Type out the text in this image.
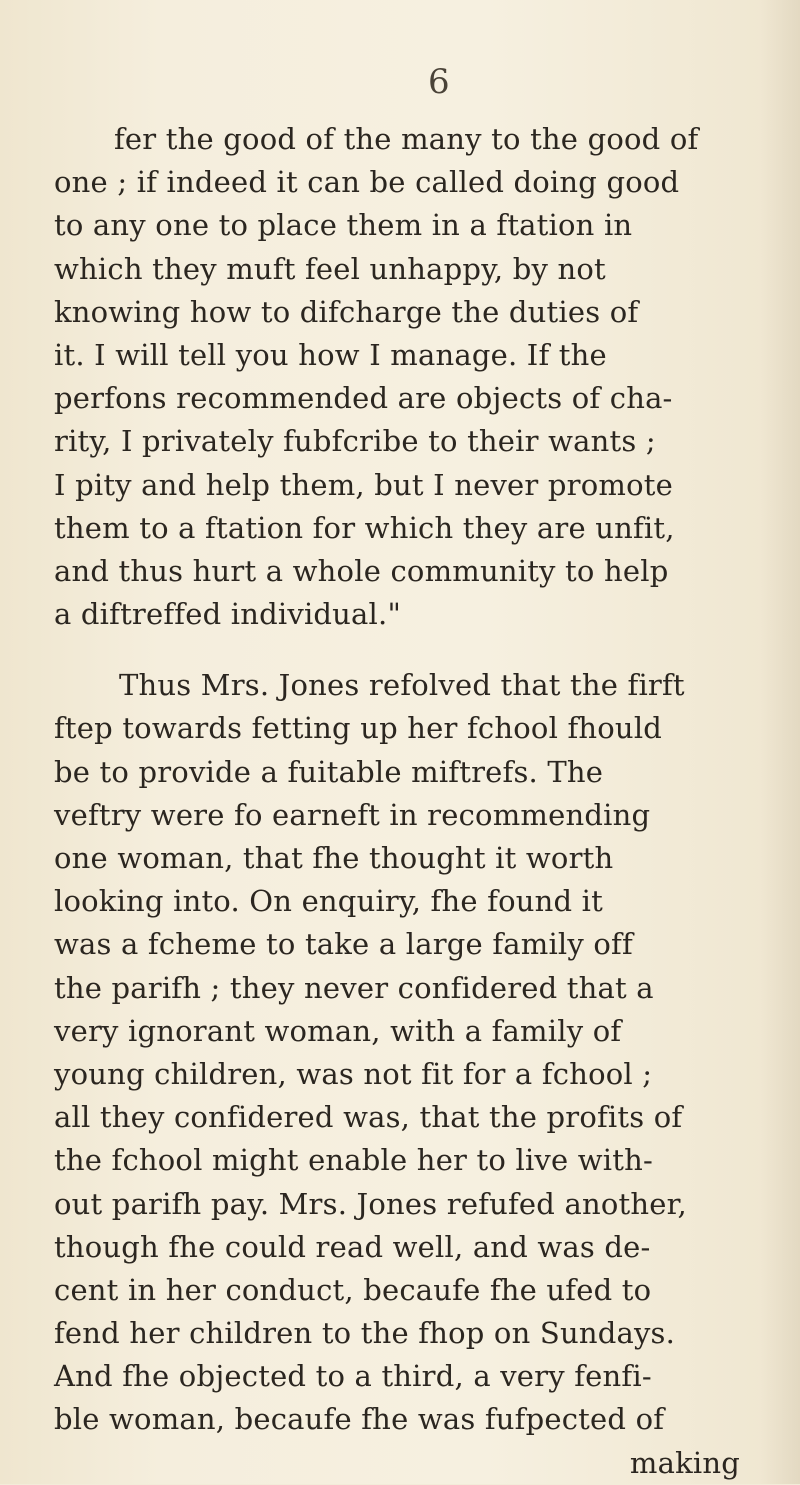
6
fer the good of the many to the good of
one ; if indeed it can be called doing good
to any one to place them in a ftation in
which they muft feel unhappy, by not
knowing how to difcharge the duties of
it. I will tell you how I manage. If the
perfons recommended are objects of cha-
rity, I privately fubfcribe to their wants ;
I pity and help them, but I never promote
them to a ftation for which they are unfit,
and thus hurt a whole community to help
a diftreffed individual."
Thus Mrs. Jones refolved that the firft
ftep towards fetting up her fchool fhould
be to provide a fuitable miftrefs. The
veftry were fo earneft in recommending
one woman, that fhe thought it worth
looking into. On enquiry, fhe found it
was a fcheme to take a large family off
the parifh ; they never confidered that a
very ignorant woman, with a family of
young children, was not fit for a fchool ;
all they confidered was, that the profits of
the fchool might enable her to live with-
out parifh pay. Mrs. Jones refufed another,
though fhe could read well, and was de-
cent in her conduct, becaufe fhe ufed to
fend her children to the fhop on Sundays.
And fhe objected to a third, a very fenfi-
ble woman, becaufe fhe was fufpected of
making
